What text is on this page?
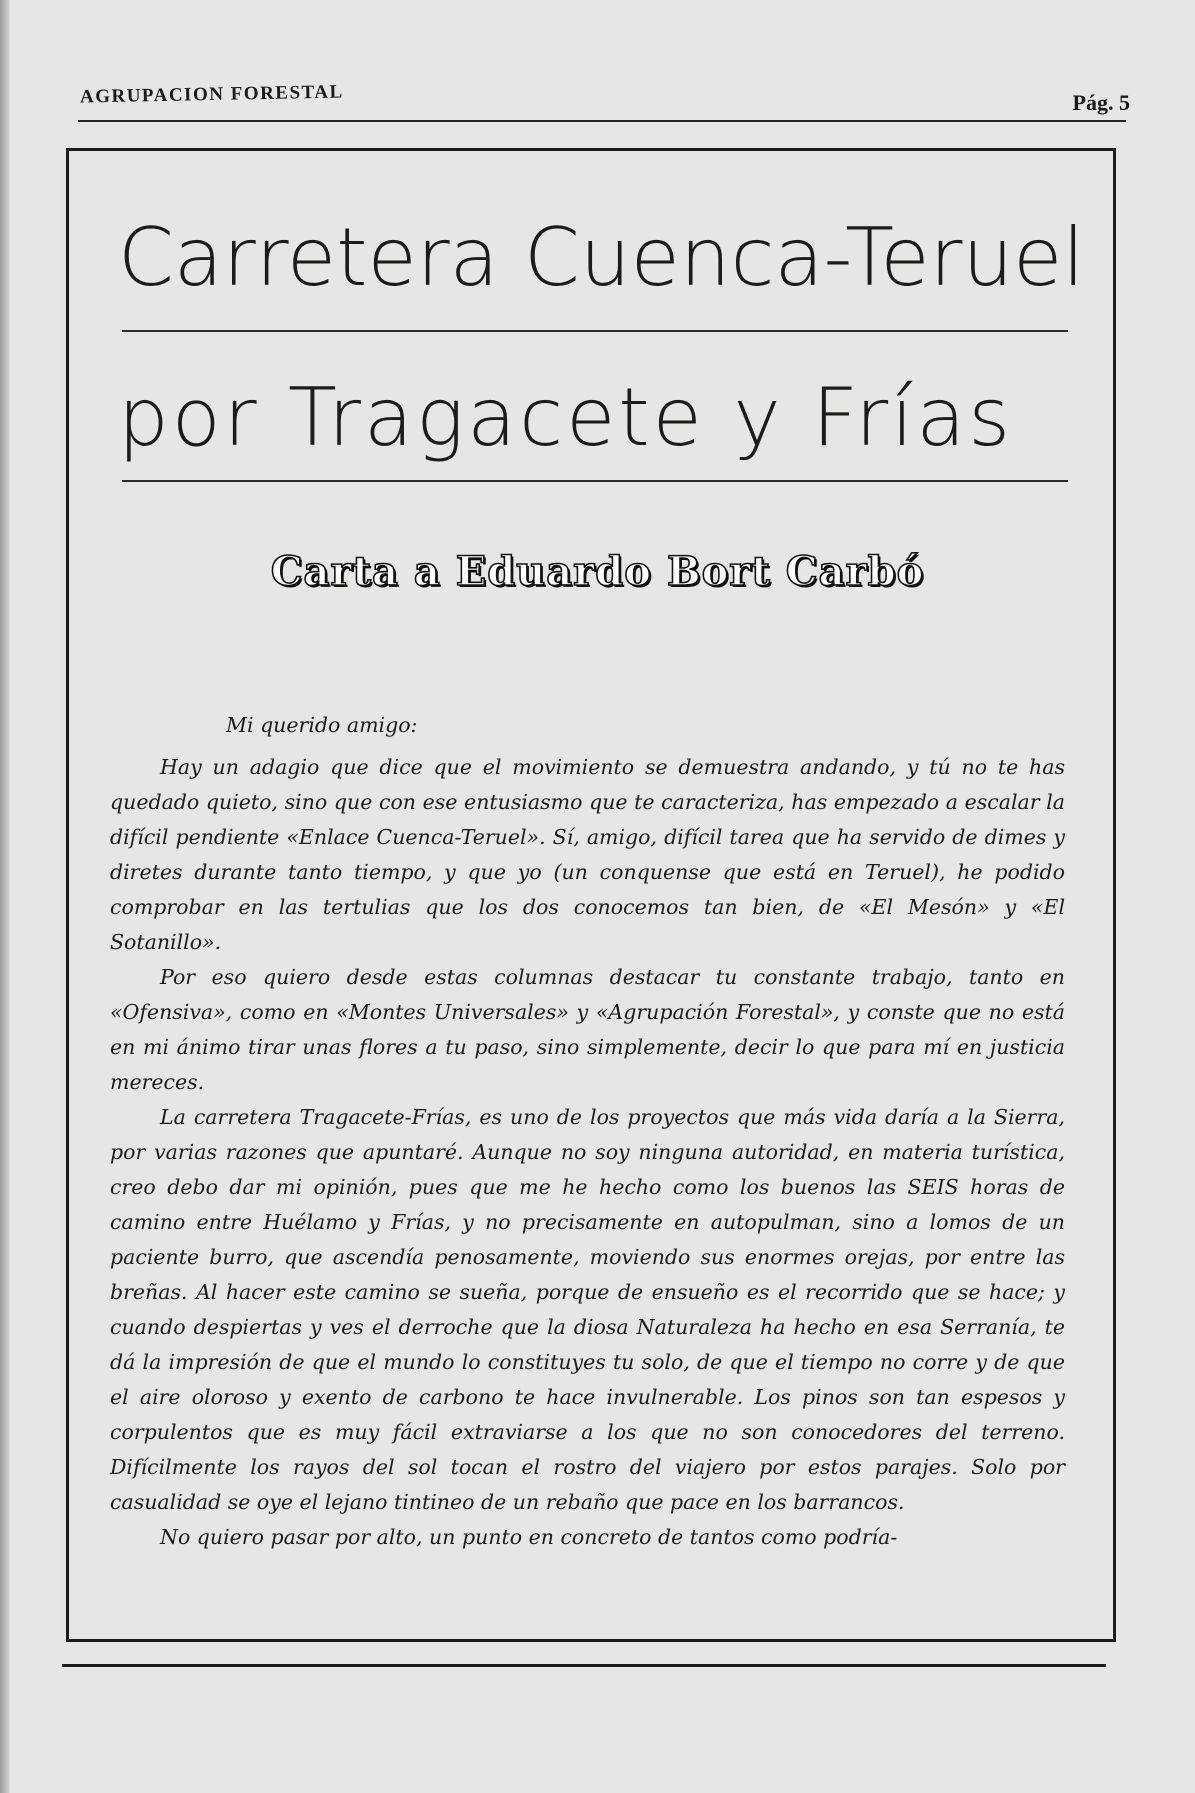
AGRUPACION FORESTAL	Pág. 5
Carretera Cuenca-Teruel
por Tragacete y Frías
Carta a Eduardo Bort Carbó
Mi querido amigo:

Hay un adagio que dice que el movimiento se demuestra andando, y tú no te has quedado quieto, sino que con ese entusiasmo que te caracteriza, has empezado a escalar la difícil pendiente «Enlace Cuenca-Teruel». Sí, amigo, difícil tarea que ha servido de dimes y diretes durante tanto tiempo, y que yo (un conquense que está en Teruel), he podido comprobar en las tertulias que los dos conocemos tan bien, de «El Mesón» y «El Sotanillo».

Por eso quiero desde estas columnas destacar tu constante trabajo, tanto en «Ofensiva», como en «Montes Universales» y «Agrupación Forestal», y conste que no está en mi ánimo tirar unas flores a tu paso, sino simplemente, decir lo que para mí en justicia mereces.

La carretera Tragacete-Frías, es uno de los proyectos que más vida daría a la Sierra, por varias razones que apuntaré. Aunque no soy ninguna autoridad, en materia turística, creo debo dar mi opinión, pues que me he hecho como los buenos las SEIS horas de camino entre Huélamo y Frías, y no precisamente en autopulman, sino a lomos de un paciente burro, que ascendía penosamente, moviendo sus enormes orejas, por entre las breñas. Al hacer este camino se sueña, porque de ensueño es el recorrido que se hace; y cuando despiertas y ves el derroche que la diosa Naturaleza ha hecho en esa Serranía, te dá la impresión de que el mundo lo constituyes tu solo, de que el tiempo no corre y de que el aire oloroso y exento de carbono te hace invulnerable. Los pinos son tan espesos y corpulentos que es muy fácil extraviarse a los que no son conocedores del terreno. Difícilmente los rayos del sol tocan el rostro del viajero por estos parajes. Solo por casualidad se oye el lejano tintineo de un rebaño que pace en los barrancos.

No quiero pasar por alto, un punto en concreto de tantos como podría-
